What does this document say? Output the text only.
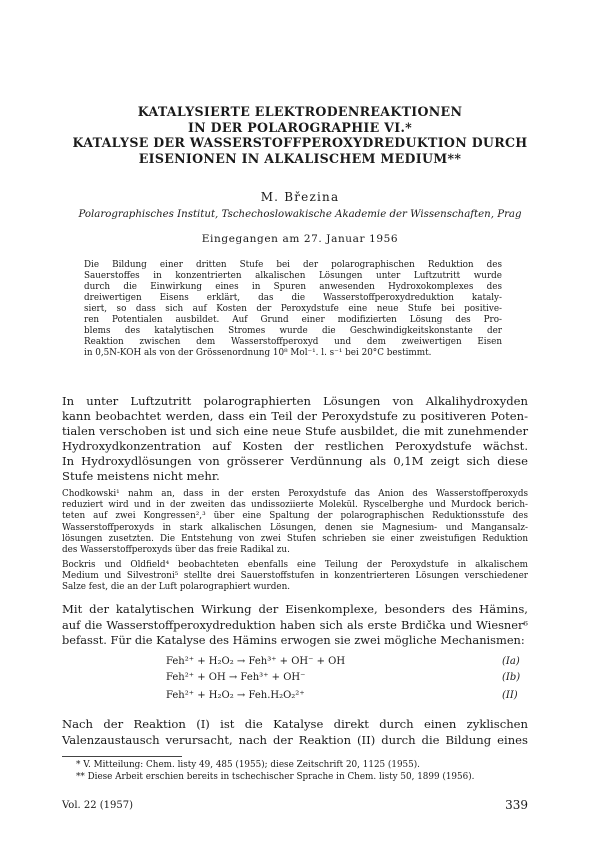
KATALYSIERTE ELEKTRODENREAKTIONEN
IN DER POLAROGRAPHIE VI.*
KATALYSE DER WASSERSTOFFPEROXYDREDUKTION DURCH
EISENIONEN IN ALKALISCHEM MEDIUM**
M. Březina
Polarographisches Institut, Tschechoslowakische Akademie der Wissenschaften, Prag
Eingegangen am 27. Januar 1956
Die Bildung einer dritten Stufe bei der polarographischen Reduktion des
Sauerstoffes in konzentrierten alkalischen Lösungen unter Luftzutritt wurde
durch die Einwirkung eines in Spuren anwesenden Hydroxokomplexes des
dreiwertigen Eisens erklärt, das die Wasserstoffperoxydreduktion kataly-
siert, so dass sich auf Kosten der Peroxydstufe eine neue Stufe bei positive-
ren Potentialen ausbildet. Auf Grund einer modifizierten Lösung des Pro-
blems des katalytischen Stromes wurde die Geschwindigkeitskonstante der
Reaktion zwischen dem Wasserstoffperoxyd und dem zweiwertigen Eisen
in 0,5N-KOH als von der Grössenordnung 10⁸ Mol⁻¹. l. s⁻¹ bei 20°C bestimmt.
In unter Luftzutritt polarographierten Lösungen von Alkalihydroxyden
kann beobachtet werden, dass ein Teil der Peroxydstufe zu positiveren Poten-
tialen verschoben ist und sich eine neue Stufe ausbildet, die mit zunehmender
Hydroxydkonzentration auf Kosten der restlichen Peroxydstufe wächst.
In Hydroxydlösungen von grösserer Verdünnung als 0,1M zeigt sich diese
Stufe meistens nicht mehr.
Chodkowski¹ nahm an, dass in der ersten Peroxydstufe das Anion des Wasserstoffperoxyds
reduziert wird und in der zweiten das undissoziierte Molekül. Ryscelberghe und Murdock berich-
teten auf zwei Kongressen²,³ über eine Spaltung der polarographischen Reduktionsstufe des
Wasserstoffperoxyds in stark alkalischen Lösungen, denen sie Magnesium- und Mangansalz-
lösungen zusetzten. Die Entstehung von zwei Stufen schrieben sie einer zweistufigen Reduktion
des Wasserstoffperoxyds über das freie Radikal zu.
Bockris und Oldfield⁴ beobachteten ebenfalls eine Teilung der Peroxydstufe in alkalischem
Medium und Silvestroni⁵ stellte drei Sauerstoffstufen in konzentrierteren Lösungen verschiedener
Salze fest, die an der Luft polarographiert wurden.
Mit der katalytischen Wirkung der Eisenkomplexe, besonders des Hämins,
auf die Wasserstoffperoxydreduktion haben sich als erste Brdička und Wiesner⁶
befasst. Für die Katalyse des Hämins erwogen sie zwei mögliche Mechanismen:
Feh²⁺ + H₂O₂ → Feh³⁺ + OH⁻ + OH	(Ia)
Feh²⁺ + OH → Feh³⁺ + OH⁻	(Ib)
Feh²⁺ + H₂O₂ → Feh.H₂O₂²⁺	(II)
Nach der Reaktion (I) ist die Katalyse direkt durch einen zyklischen
Valenzaustausch verursacht, nach der Reaktion (II) durch die Bildung eines
* V. Mitteilung: Chem. listy 49, 485 (1955); diese Zeitschrift 20, 1125 (1955).
** Diese Arbeit erschien bereits in tschechischer Sprache in Chem. listy 50, 1899 (1956).
Vol. 22 (1957)	339
